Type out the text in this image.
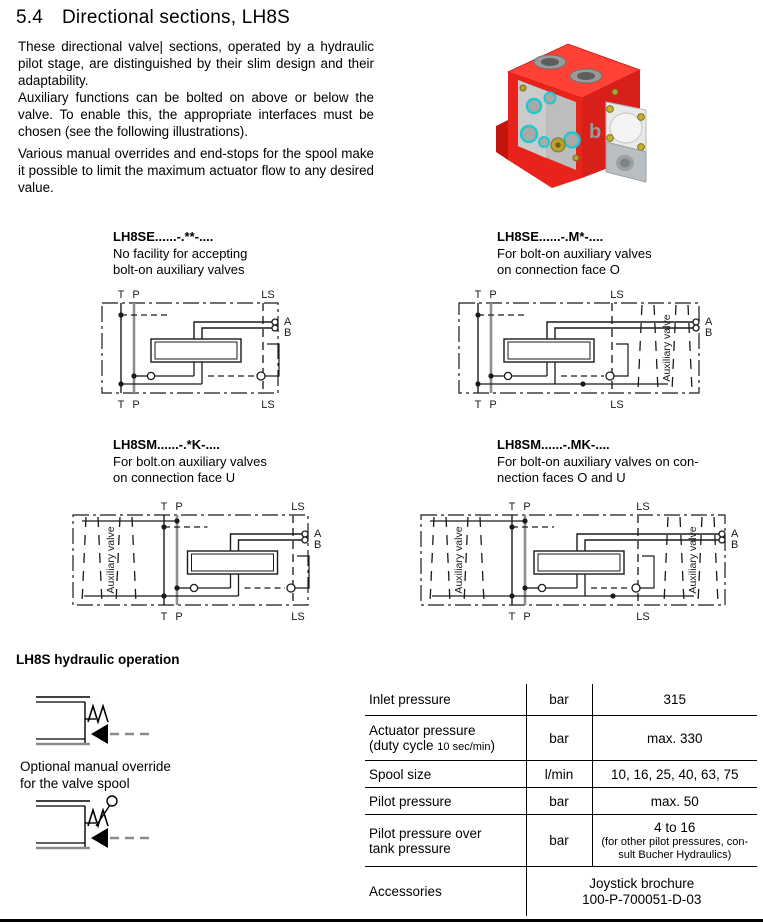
5.4 Directional sections, LH8S

These directional valve| sections, operated by a hydraulic pilot stage, are distinguished by their slim design and their adaptability.

Auxiliary functions can be bolted on above or below the valve. To enable this, the appropriate interfaces must be chosen (see the following illustrations).

Various manual overrides and end-stops for the spool make it possible to limit the maximum actuator flow to any desired value.

b
LH8SE......-.**-....
No facility for accepting
bolt-on auxiliary valves
LH8SE......-.M*-....
For bolt-on auxiliary valves
on connection face O
LH8SM......-.*K-....
For bolt.on auxiliary valves
on connection face U
LH8SM......-.MK-....
For bolt-on auxiliary valves on con-
nection faces O and U
T P	LS
T P	LS
A
B	Auxiliary valve
T P	LS
T P	LS
A
B
Auxiliary valve
T P	LS
T P	LS
A
B	Auxiliary valve	Auxiliary valve
T P	LS
T P	LS
A
B
LH8S hydraulic operation
Optional manual override
for the valve spool
Inlet pressure	bar	315

Actuator pressure
(duty cycle 10 sec/min)	bar	max. 330
Spool size	l/min	10, 16, 25, 40, 63, 75
Pilot pressure	bar	max. 50

Pilot pressure over
tank pressure	bar	
4 to 16
(for other pilot pressures, con-
sult Bucher Hydraulics)

Accessories	Joystick brochure
100-P-700051-D-03	
